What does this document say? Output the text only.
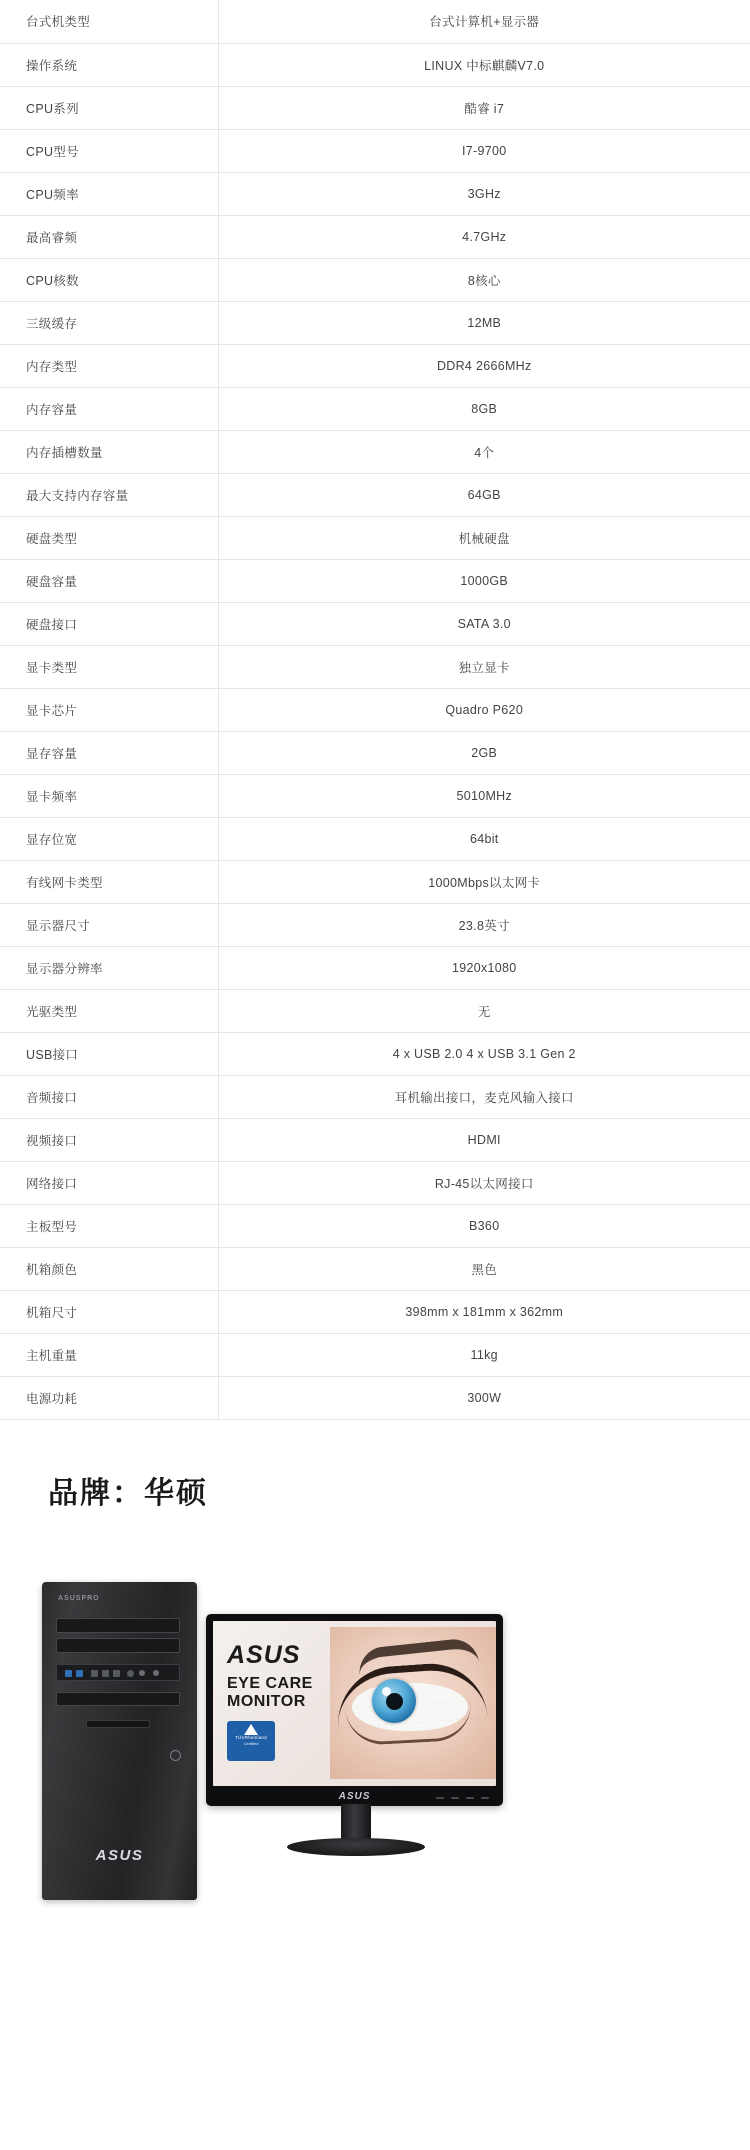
台式机类型	台式计算机+显示器
操作系统	LINUX 中标麒麟V7.0
CPU系列	酷睿 i7
CPU型号	I7-9700
CPU频率	3GHz
最高睿频	4.7GHz
CPU核数	8核心
三级缓存	12MB
内存类型	DDR4 2666MHz
内存容量	8GB
内存插槽数量	4个
最大支持内存容量	64GB
硬盘类型	机械硬盘
硬盘容量	1000GB
硬盘接口	SATA 3.0
显卡类型	独立显卡
显卡芯片	Quadro P620
显存容量	2GB
显卡频率	5010MHz
显存位宽	64bit
有线网卡类型	1000Mbps以太网卡
显示器尺寸	23.8英寸
显示器分辨率	1920x1080
光驱类型	无
USB接口	4 x USB 2.0 4 x USB 3.1 Gen 2
音频接口	耳机输出接口，麦克风输入接口
视频接口	HDMI
网络接口	RJ-45以太网接口
主板型号	B360
机箱颜色	黑色
机箱尺寸	398mm x 181mm x 362mm
主机重量	11kg
电源功耗	300W
品牌：华硕
ASUSPRO
ASUS
ASUS
EYE CARE
MONITOR
TÜVRheinland
Certified
ASUS
